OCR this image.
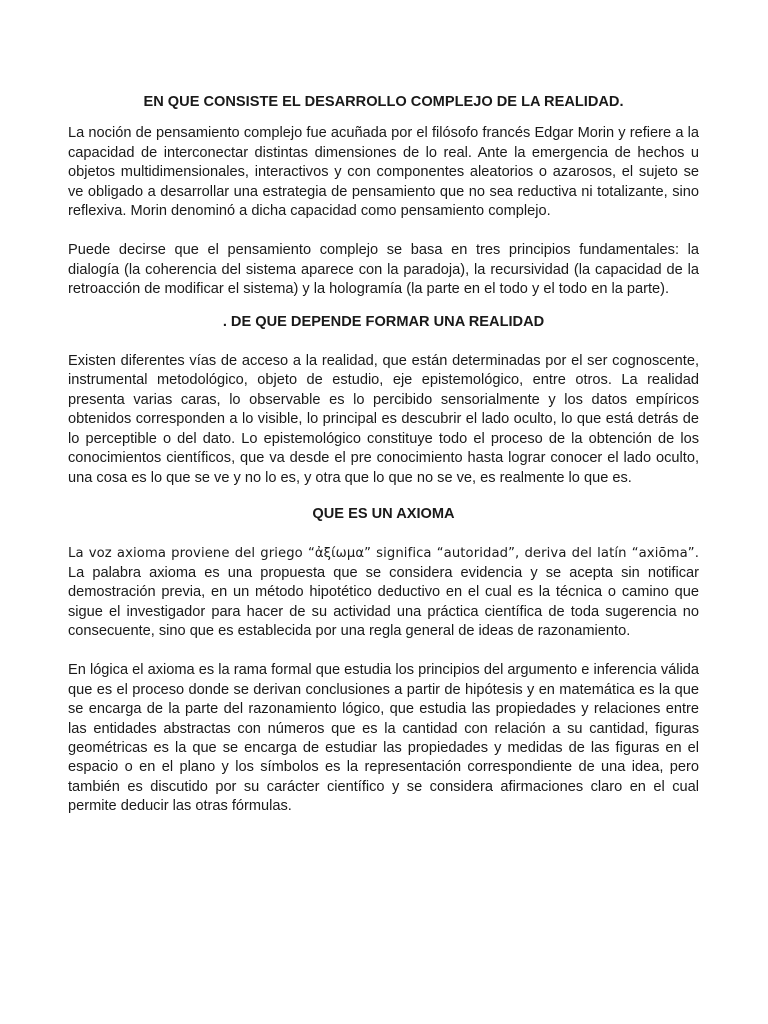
EN QUE CONSISTE EL DESARROLLO COMPLEJO DE LA REALIDAD.

La noción de pensamiento complejo fue acuñada por el filósofo francés Edgar Morin y refiere a la capacidad de interconectar distintas dimensiones de lo real. Ante la emergencia de hechos u objetos multidimensionales, interactivos y con componentes aleatorios o azarosos, el sujeto se ve obligado a desarrollar una estrategia de pensamiento que no sea reductiva ni totalizante, sino reflexiva. Morin denominó a dicha capacidad como pensamiento complejo.

Puede decirse que el pensamiento complejo se basa en tres principios fundamentales: la dialogía (la coherencia del sistema aparece con la paradoja), la recursividad (la capacidad de la retroacción de modificar el sistema) y la hologramía (la parte en el todo y el todo en la parte).

. DE QUE DEPENDE FORMAR UNA REALIDAD

Existen diferentes vías de acceso a la realidad, que están determinadas por el ser cognoscente, instrumental metodológico, objeto de estudio, eje epistemológico, entre otros. La realidad presenta varias caras, lo observable es lo percibido sensorialmente y los datos empíricos obtenidos corresponden a lo visible, lo principal es descubrir el lado oculto, lo que está detrás de lo perceptible o del dato. Lo epistemológico constituye todo el proceso de la obtención de los conocimientos científicos, que va desde el pre conocimiento hasta lograr conocer el lado oculto, una cosa es lo que se ve y no lo es, y otra que lo que no se ve, es realmente lo que es.

QUE ES UN AXIOMA

La voz axioma proviene del griego “ἀξίωμα” significa “autoridad”, deriva del latín “axiōma”. La palabra axioma es una propuesta que se considera evidencia y se acepta sin notificar demostración previa, en un método hipotético deductivo en el cual es la técnica o camino que sigue el investigador para hacer de su actividad una práctica científica de toda sugerencia no consecuente, sino que es establecida por una regla general de ideas de razonamiento.

En lógica el axioma es la rama formal que estudia los principios del argumento e inferencia válida que es el proceso donde se derivan conclusiones a partir de hipótesis y en matemática es la que se encarga de la parte del razonamiento lógico, que estudia las propiedades y relaciones entre las entidades abstractas con números que es la cantidad con relación a su cantidad, figuras geométricas es la que se encarga de estudiar las propiedades y medidas de las figuras en el espacio o en el plano y los símbolos es la representación correspondiente de una idea, pero también es discutido por su carácter científico y se considera afirmaciones claro en el cual permite deducir las otras fórmulas.
